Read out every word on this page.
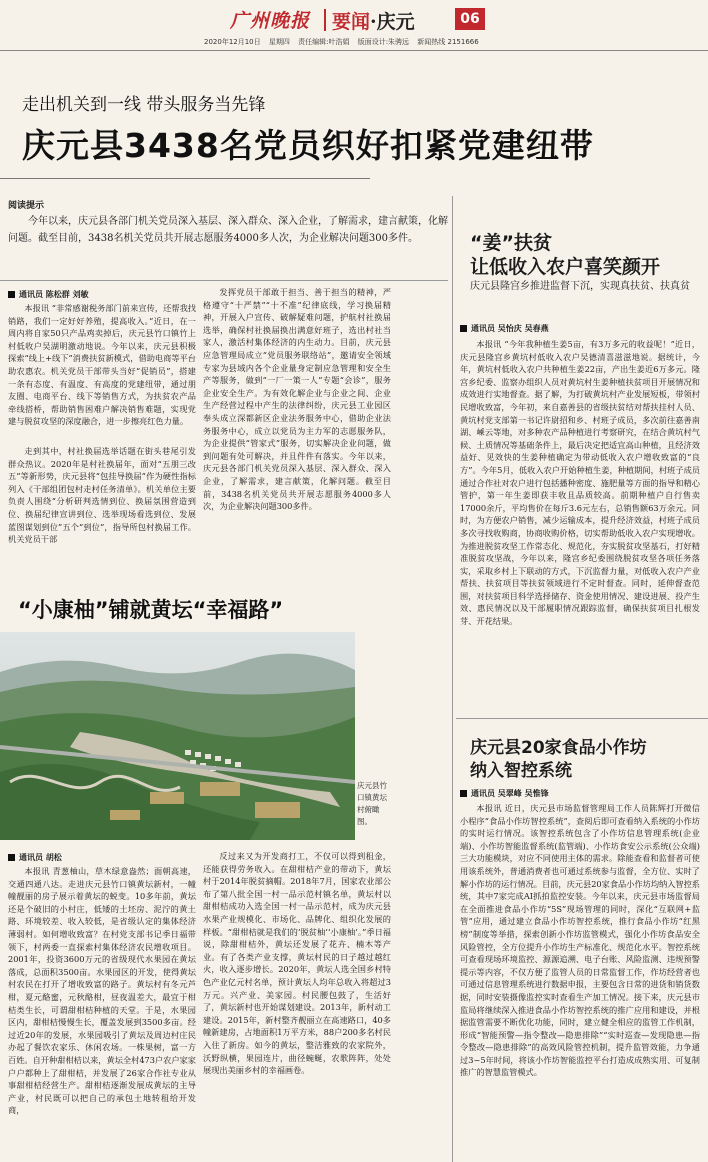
广州晚报 要闻·庆元	06
2020年12月10日 星期四 责任编辑:叶浩娟 版面设计:朱骋远 新闻热线 2151666
走出机关到一线 带头服务当先锋
庆元县3438名党员织好扣紧党建纽带
阅读提示
今年以来，庆元县各部门机关党员深入基层、深入群众、深入企业，了解需求，建言献策，化解问题。截至目前，3438名机关党员共开展志愿服务4000多人次，为企业解决问题300多件。
通讯员 陈松群 刘敏

本报讯 “非常感谢税务部门前来宣传，还帮我找销路，我们一定好好养殖，提高收入。”近日，在一周内将自家50只产品鸡卖掉后，庆元县竹口镇竹上村低收户吴湖明激动地说。今年以来，庆元县积极探索“线上+线下”消费扶贫新模式，借助电商等平台助农惠农。机关党员干部带头当好“促销员”，搭建一条有态度、有温度、有高度的党建纽带，通过朋友圈、电商平台、线下等销售方式，为扶贫农产品牵线搭桥，帮助销售困难户解决销售难题，实现党建与脱贫攻坚的深度融合，进一步擦亮红色力量。

走到其中，村社换届选举话题在街头巷尾引发群众热议。2020年是村社换届年，面对“五朋三改五”等新形势，庆元县将“包挂导换届”作为硬性指标列入《干部组团包村走村任务清单》。机关单位主要负责人围绕“分析研判选情到位、换届氛围营造到位、换届纪律宣讲到位、选举现场看选到位、发展蓝图谋划到位”五个“到位”，指导所包村换届工作。机关党员干部

发挥党员干部敢于担当、善于担当的精神，严格遵守“十严禁”“十不准”纪律底线，学习换届精神，开展入户宣传、破解疑难问题，护航村社换届选举，确保村社换届换出满意好班子，选出村社当家人，激活村集体经济的内生动力。目前，庆元县应急管理局成立“党员服务联络站”，邀请安全领域专家为县域内各个企业量身定制应急管理和安全生产等服务，做到“一厂一策一人”专题“会诊”，服务企业安全生产。为有效化解企业与企业之间、企业生产经营过程中产生的法律纠纷，庆元县工业园区奉头成立深都新区企业法务服务中心，借助企业法务服务中心，成立以党员为主力军的志愿服务队，为企业提供“管家式”服务，切实解决企业问题，做到问题有处可解决，并且件件有落实。今年以来，庆元县各部门机关党员深入基层、深入群众、深入企业，了解需求，建言献策，化解问题。截至目前，3438名机关党员共开展志愿服务4000多人次，为企业解决问题300多件。

“小康柚”铺就黄坛“幸福路”
庆元县竹口镇黄坛村俯瞰图。
通讯员 胡松

本报讯 青葱柚山，草木绿意盎然；面朝高速，交通四通八达。走进庆元县竹口镇黄坛新村，一幢幢靓丽的房子展示着黄坛的蜕变。10多年前，黄坛还是个破旧的小村庄，低矮的土坯房、泥泞的黄土路、环境较差、收入较低，是省级认定的集体经济薄弱村。如何增收致富？在村党支部书记季日福带领下，村两委一直探索村集体经济农民增收项目。2001年，投资3600万元的省级现代水果园在黄坛落成，总面积3500亩。水果园区的开发，使得黄坛村农民在打开了增收致富的路子。黄坛村有冬元芦柑，夏元酪蜜，元秋酪柑，昼夜温差大，最宜于柑桔类生长，可谓甜柑桔种植的天堂。于是，水果园区内，甜柑桔慢慢生长，覆盖发展到3500多亩。经过近20年的发展，水果园吸引了黄坛及周边村庄民办起了餐饮农家乐、休闲农场。一株果树，富一方百姓。自开种甜柑桔以来，黄坛全村473户农户家家户户都种上了甜柑桔，并发展了26家合作社专业从事甜柑桔经营生产。甜柑桔逐渐发展成黄坛的主导产业，村民既可以把自己的承包土地转租给开发商，

反过来又为开发商打工，不仅可以得到租金，还能获得劳务收入。在甜柑桔产业的带动下，黄坛村于2014年脱贫摘帽。2018年7月，国家农业部公布了第八批全国一村一品示范村镇名单，黄坛村以甜柑桔成功入选全国一村一品示范村，成为庆元县水果产业规模化、市场化、品牌化、组织化发展的样板。“甜柑桔就是我们的‘脱贫柚’‘小康柚’。”季日福说，除甜柑桔外，黄坛还发展了花卉、楠木等产业。有了各类产业支撑，黄坛村民的日子越过越红火，收入逐步增长。2020年，黄坛人选全国乡村特色产业亿元村名单，预计黄坛人均年总收入将超过3万元。兴产业、美家园。村民腰包鼓了，生活好了，黄坛新村也开始谋划建设。2013年，新村动工建设。2015年，新村整齐靓丽立在高速路口，40多幢新建房，占地面积1万平方米，88户200多名村民入住了新房。如今的黄坛，整洁雅致的农家院外，沃野纵横，果园连片，曲径蜿蜒，农歌阵阵，处处展现出美丽乡村的幸福画卷。

“姜”扶贫
让低收入农户喜笑颜开
庆元县隆宫乡推进监督下沉，实现真扶贫、扶真贫
通讯员 吴怡庆 吴春燕

本报讯 “今年我种植生姜5亩，有3万多元的收益呢！”近日，庆元县隆宫乡黄坑村低收入农户吴德清喜滋滋地说。据统计，今年，黄坑村低收入农户共种植生姜22亩，产出生姜近6万多元。隆宫乡纪委、监察办组织人员对黄坑村生姜种植扶贫项目开展情况和成效进行实地督查。据了解，为打破黄坑村产业发展短板，带领村民增收致富，今年初，来自嘉善县的省级扶贫结对帮扶挂村人员、黄坑村党支部第一书记许尉招和乡、村班子成员，多次前往嘉善南湖、嵊云等地，对多种农产品种植进行考察研究，在结合黄坑村气候、土质情况等基础条件上，最后决定把适宜高山种植，且经济效益好、见效快的生姜种植确定为带动低收入农户增收致富的“良方”。今年5月，低收入农户开始种植生姜，种植期间，村班子成员通过合作社对农户进行包括播种密度、施肥量等方面的指导和精心管护，第一年生姜即获丰收且品质较高。前期种植户自行售卖17000余斤，平均售价在每斤3.6元左右，总销售额63万余元。同时，为方便农户销售，减少运输成本，提升经济效益，村班子成员多次寻找收购商，协商收购价格，切实帮助低收入农户实现增收。为推进脱贫攻坚工作常态化、规范化，夯实脱贫攻坚基石，打好精准脱贫攻坚战，今年以来，隆宫乡纪委围绕脱贫攻坚各项任务落实，采取乡村上下联动的方式，下沉监督力量，对低收入农户产业帮扶、扶贫项目等扶贫领域进行不定时督查。同时，延伸督查范围，对扶贫项目科学选择储存、资金使用情况、建设进展、投产生效、惠民情况以及干部履职情况跟踪监督，确保扶贫项目扎根发芽、开花结果。

庆元县20家食品小作坊
纳入智控系统
通讯员 吴翠峰 吴惟锋

本报讯 近日，庆元县市场监督管理局工作人员陈辉打开微信小程序“食品小作坊智控系统”，查阅后即可查看纳入系统的小作坊的实时运行情况。该智控系统包含了小作坊信息管理系统(企业端)、小作坊智能监督系统(监管端)、小作坊食安公示系统(公众端)三大功能模块，对应不同使用主体的需求。除能查看和监督者可使用该系统外，普通消费者也可通过系统参与监督，全方位、实时了解小作坊的运行情况。目前，庆元县20家食品小作坊均纳入智控系统，其中7家完成AI抓拍监控安装。今年以来，庆元县市场监督局在全面推进食品小作坊“5S”现场管理的同时，深化“互联网+监管”应用，通过建立食品小作坊智控系统，推行食品小作坊“红黑榜”制度等举措，探索创新小作坊监管模式，强化小作坊食品安全风险管控，全方位提升小作坊生产标准化、规范化水平。智控系统可查看现场环境监控、源源追溯、电子台账、风险监测、违规预警提示等内容，不仅方便了监管人员的日常监督工作，作坊经营者也可通过信息管理系统进行数据申报，主要包含日常的进货和销货数据，同时安装摄像监控实时查看生产加工情况。接下来，庆元县市监局将继续深入推进食品小作坊智控系统的推广应用和建设，并根据监管需要不断优化功能，同时，建立健全相应的监管工作机制，形成“智能预警—指令整改—隐患排除”“实时巡查—发现隐患—指令整改—隐患排除”的高效风险管控机制，提升监管效能，力争通过3~5年时间，将该小作坊智能监控平台打造成成熟实用、可复制推广的智慧监管模式。
